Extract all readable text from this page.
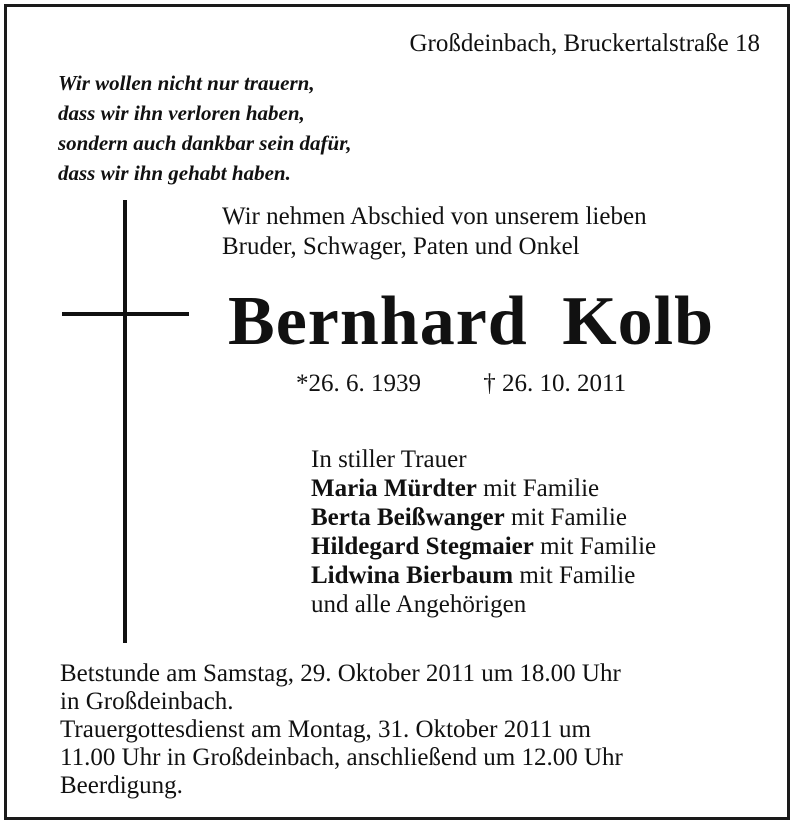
Großdeinbach, Bruckertalstraße 18
Wir wollen nicht nur trauern,
dass wir ihn verloren haben,
sondern auch dankbar sein dafür,
dass wir ihn gehabt haben.
Wir nehmen Abschied von unserem lieben
Bruder, Schwager, Paten und Onkel
Bernhard Kolb
*26. 6. 1939 † 26. 10. 2011
In stiller Trauer
Maria Mürdter mit Familie
Berta Beißwanger mit Familie
Hildegard Stegmaier mit Familie
Lidwina Bierbaum mit Familie
und alle Angehörigen
Betstunde am Samstag, 29. Oktober 2011 um 18.00 Uhr
in Großdeinbach.
Trauergottesdienst am Montag, 31. Oktober 2011 um
11.00 Uhr in Großdeinbach, anschließend um 12.00 Uhr
Beerdigung.
